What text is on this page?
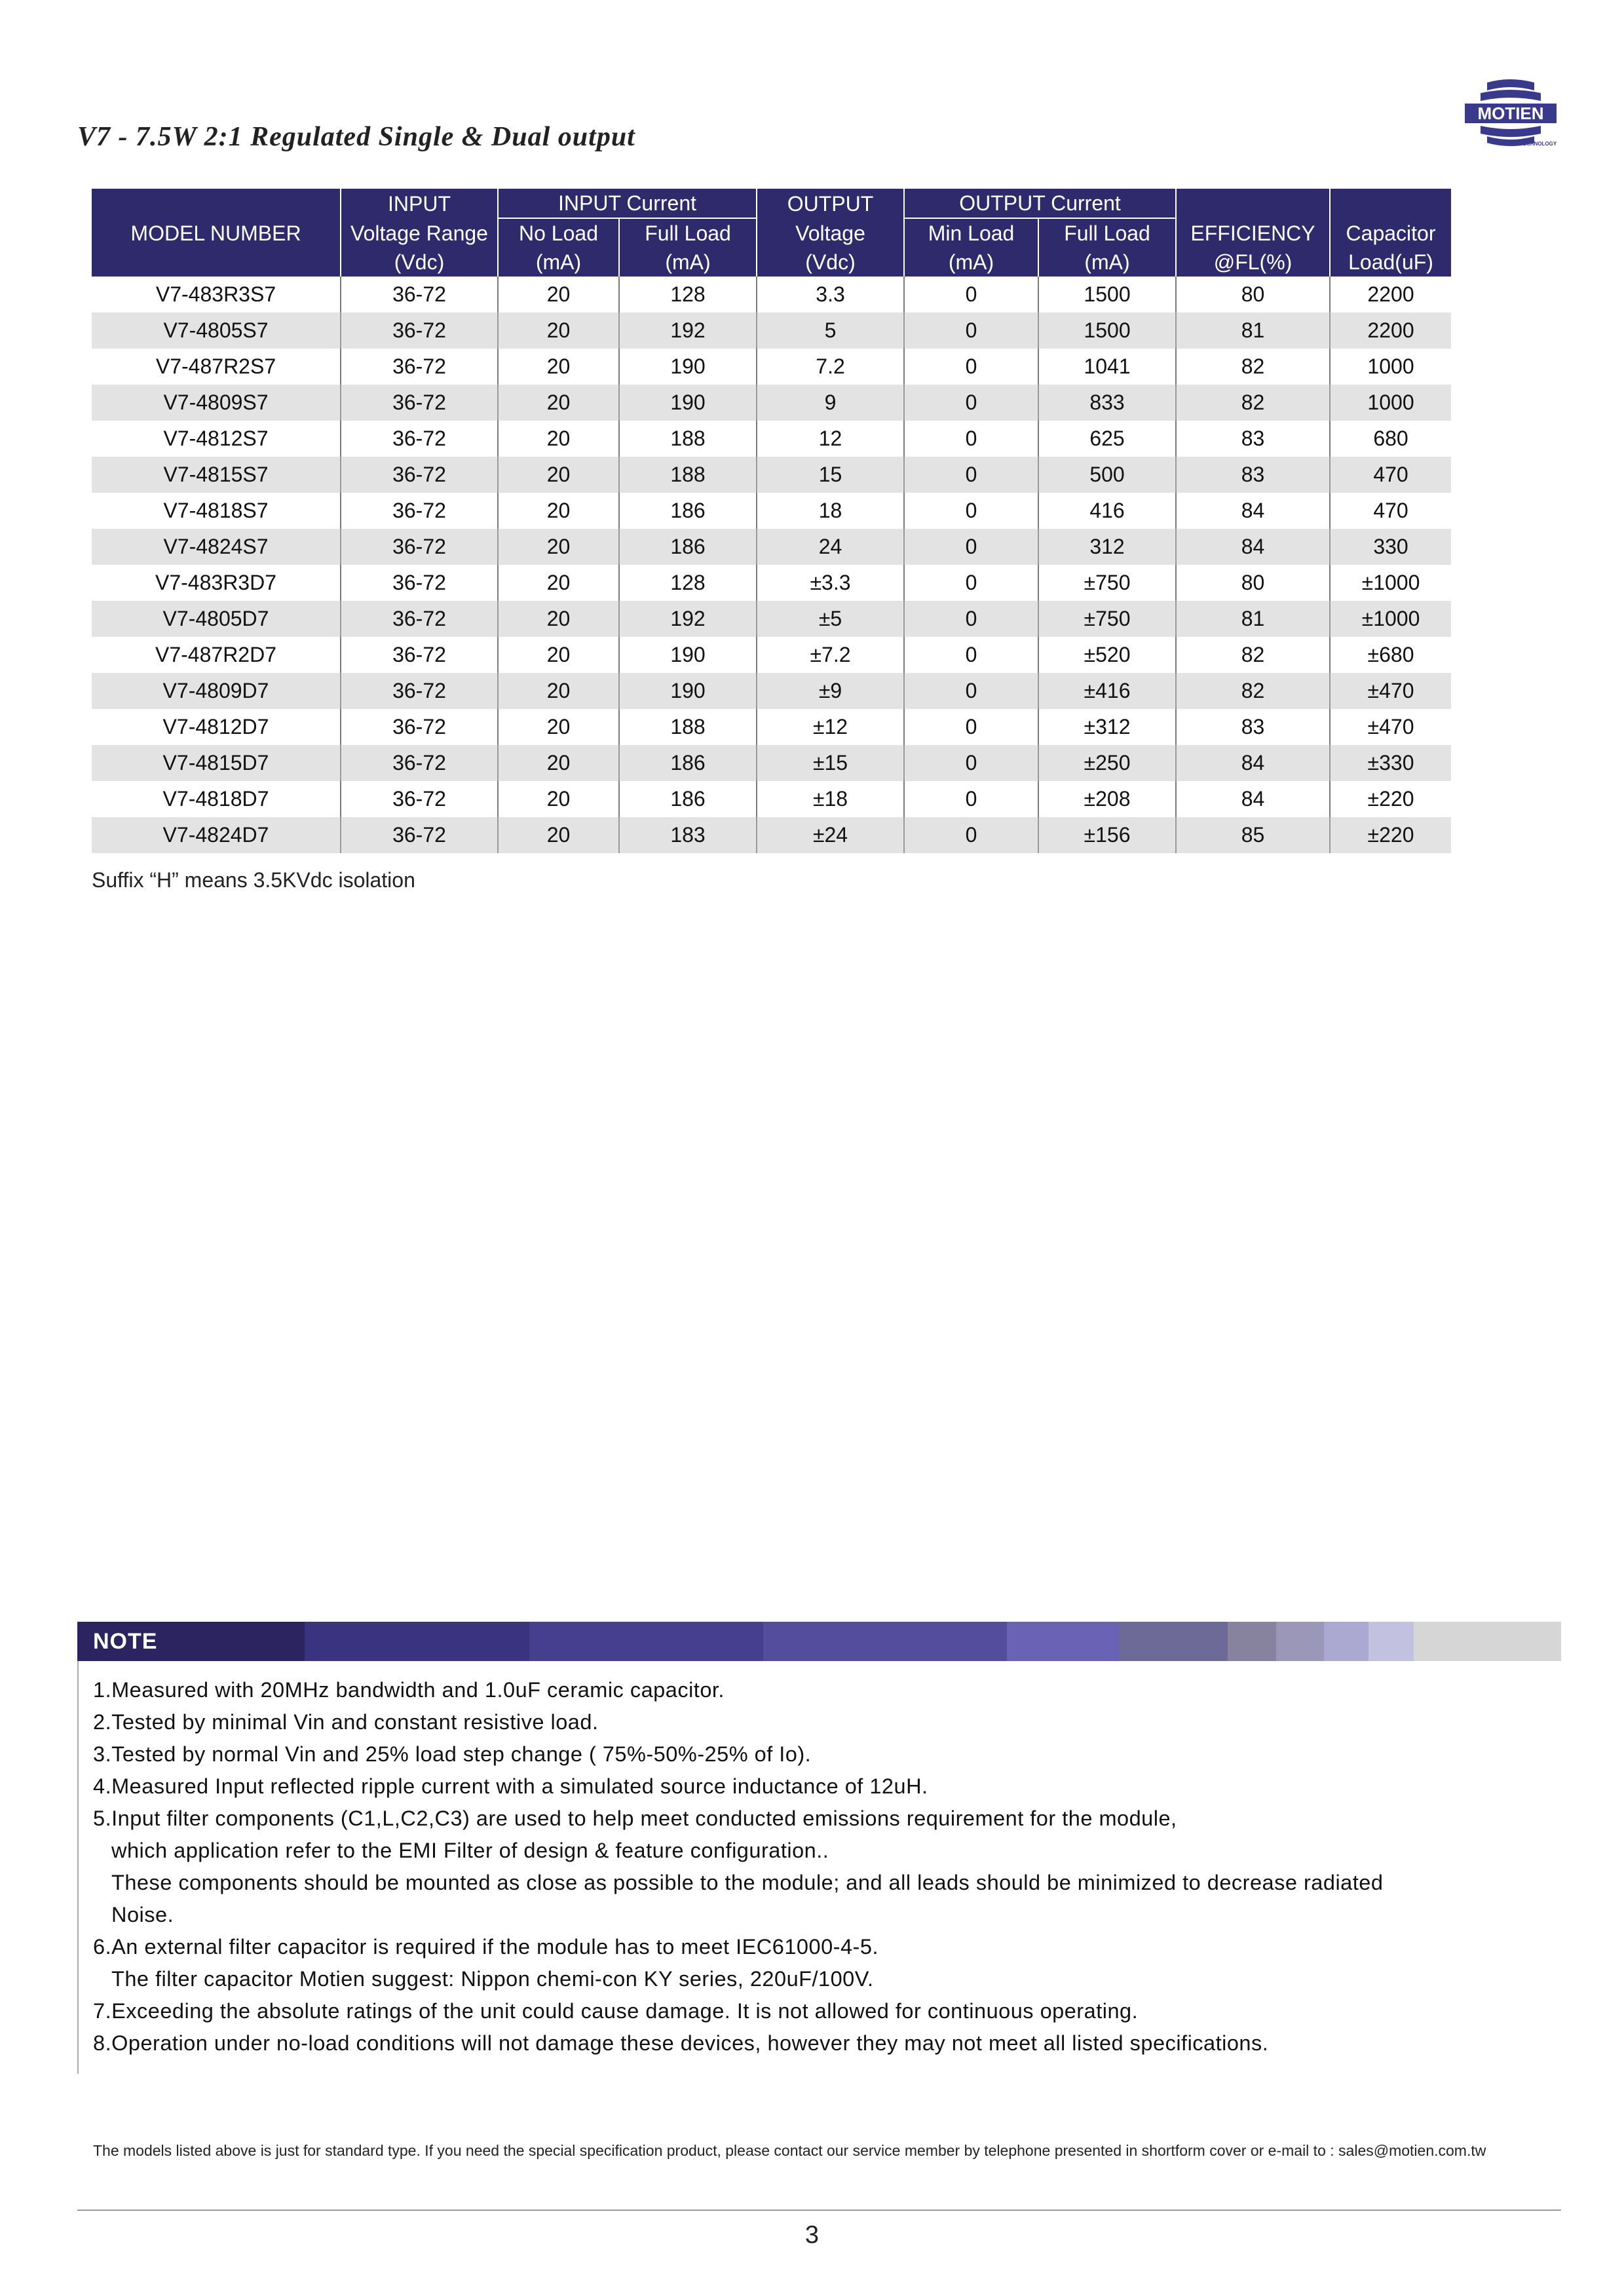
V7 - 7.5W 2:1 Regulated Single & Dual output
MOTIEN
TECHNOLOGY
	INPUT	INPUT Current		OUTPUT	OUTPUT Current			
MODEL NUMBER	Voltage Range	No Load	Full Load	Voltage	Min Load	Full Load	EFFICIENCY	Capacitor
	(Vdc)	(mA)	(mA)	(Vdc)	(mA)	(mA)	@FL(%)	Load(uF)
V7-483R3S7	36-72	20	128	3.3	0	1500	80	2200
V7-4805S7	36-72	20	192	5	0	1500	81	2200
V7-487R2S7	36-72	20	190	7.2	0	1041	82	1000
V7-4809S7	36-72	20	190	9	0	833	82	1000
V7-4812S7	36-72	20	188	12	0	625	83	680
V7-4815S7	36-72	20	188	15	0	500	83	470
V7-4818S7	36-72	20	186	18	0	416	84	470
V7-4824S7	36-72	20	186	24	0	312	84	330
V7-483R3D7	36-72	20	128	±3.3	0	±750	80	±1000
V7-4805D7	36-72	20	192	±5	0	±750	81	±1000
V7-487R2D7	36-72	20	190	±7.2	0	±520	82	±680
V7-4809D7	36-72	20	190	±9	0	±416	82	±470
V7-4812D7	36-72	20	188	±12	0	±312	83	±470
V7-4815D7	36-72	20	186	±15	0	±250	84	±330
V7-4818D7	36-72	20	186	±18	0	±208	84	±220
V7-4824D7	36-72	20	183	±24	0	±156	85	±220
Suffix “H” means 3.5KVdc isolation
NOTE
1.Measured with 20MHz bandwidth and 1.0uF ceramic capacitor.
2.Tested by minimal Vin and constant resistive load.
3.Tested by normal Vin and 25% load step change ( 75%-50%-25% of Io).
4.Measured Input reflected ripple current with a simulated source inductance of 12uH.
5.Input filter components (C1,L,C2,C3) are used to help meet conducted emissions requirement for the module,
which application refer to the EMI Filter of design & feature configuration..
These components should be mounted as close as possible to the module; and all leads should be minimized to decrease radiated
Noise.
6.An external filter capacitor is required if the module has to meet IEC61000-4-5.
The filter capacitor Motien suggest: Nippon chemi-con KY series, 220uF/100V.
7.Exceeding the absolute ratings of the unit could cause damage. It is not allowed for continuous operating.
8.Operation under no-load conditions will not damage these devices, however they may not meet all listed specifications.
The models listed above is just for standard type. If you need the special specification product, please contact our service member by telephone presented in shortform cover or e-mail to : sales@motien.com.tw
3
